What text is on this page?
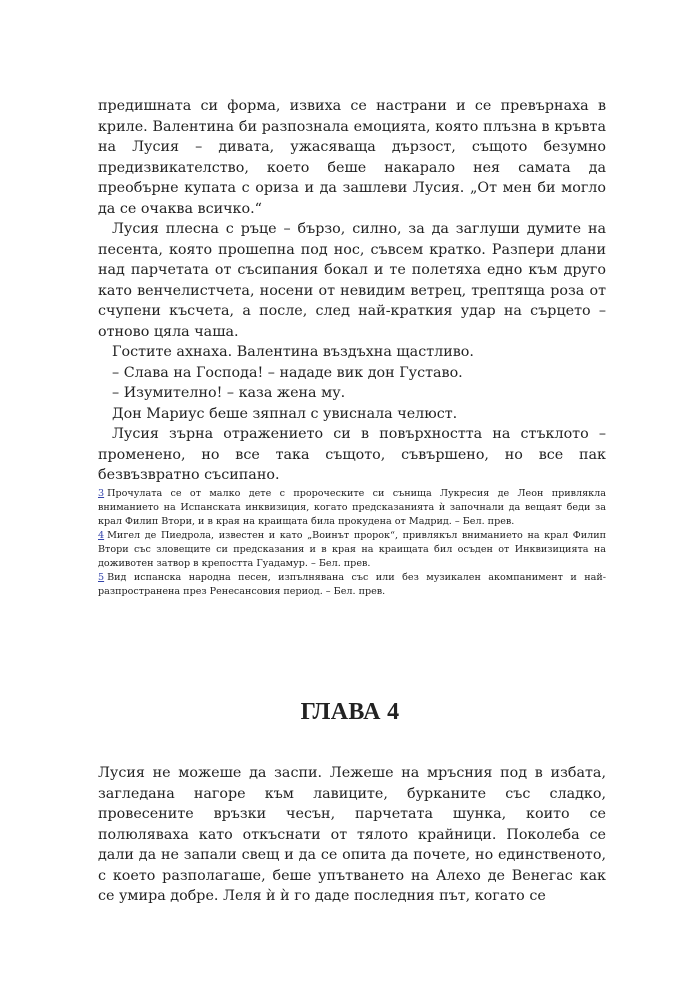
предишната си форма, извиха се настрани и се превърнаха в криле. Валентина би разпознала емоцията, която плъзна в кръвта на Лусия – дивата, ужасяваща дързост, същото безумно предизвикателство, което беше накарало нея самата да преобърне купата с ориза и да зашлеви Лусия. „От мен би могло да се очаква всичко.“

Лусия плесна с ръце – бързо, силно, за да заглуши думите на песента, която прошепна под нос, съвсем кратко. Разпери длани над парчетата от съсипания бокал и те полетяха едно към друго като венчелистчета, носени от невидим ветрец, трептяща роза от счупени късчета, а после, след най-краткия удар на сърцето – отново цяла чаша.

Гостите ахнаха. Валентина въздъхна щастливо.

– Слава на Господа! – нададе вик дон Густаво.

– Изумително! – каза жена му.

Дон Мариус беше зяпнал с увиснала челюст.

Лусия зърна отражението си в повърхността на стъклото – променено, но все така същото, съвършено, но все пак безвъзвратно съсипано.

3 Прочулата се от малко дете с пророческите си сънища Лукресия де Леон привлякла вниманието на Испанската инквизиция, когато предсказанията ѝ започнали да вещаят беди за крал Филип Втори, и в края на краищата била прокудена от Мадрид. – Бел. прев.

4 Мигел де Пиедрола, известен и като „Воинът пророк“, привлякъл вниманието на крал Филип Втори със зловещите си предсказания и в края на краищата бил осъден от Инквизицията на доживотен затвор в крепостта Гуадамур. – Бел. прев.

5 Вид испанска народна песен, изпълнявана със или без музикален акомпанимент и най-разпространена през Ренесансовия период. – Бел. прев.

ГЛАВА 4

Лусия не можеше да заспи. Лежеше на мръсния под в избата, загледана нагоре към лавиците, бурканите със сладко, провесените връзки чесън, парчетата шунка, които се полюляваха като откъснати от тялото крайници. Поколеба се дали да не запали свещ и да се опита да почете, но единственото, с което разполагаше, беше упътването на Алехо де Венегас как се умира добре. Леля ѝ ѝ го даде последния път, когато се
